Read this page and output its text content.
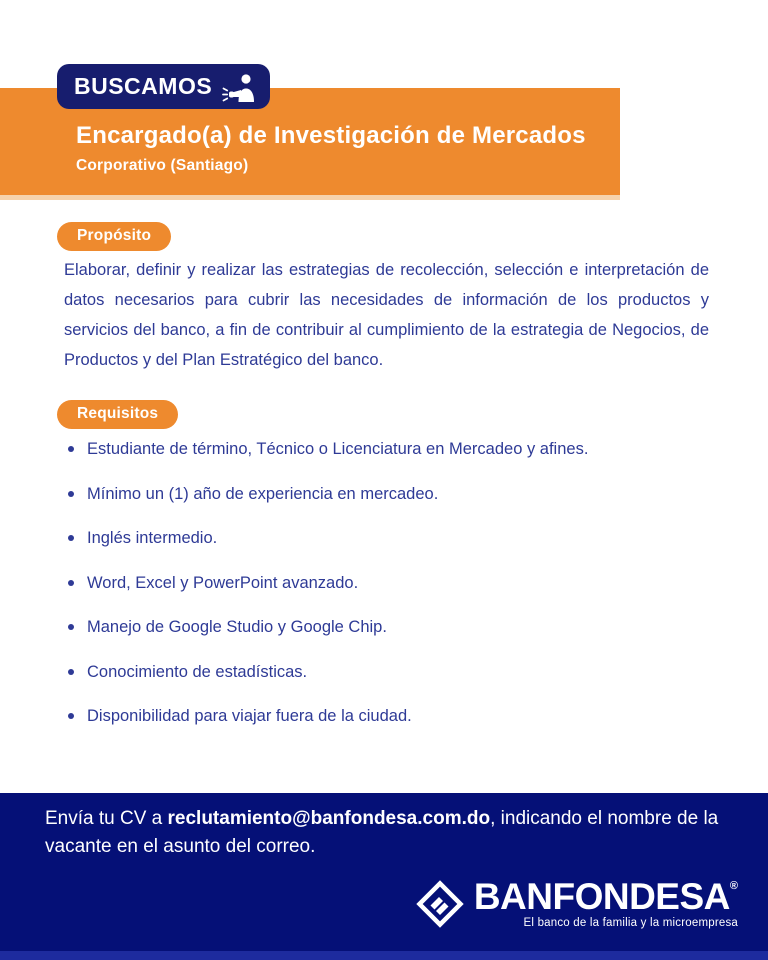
Encargado(a) de Investigación de Mercados
Corporativo (Santiago)
BUSCAMOS
Propósito

Elaborar, definir y realizar las estrategias de recolección, selección e interpretación de datos necesarios para cubrir las necesidades de información de los productos y servicios del banco, a fin de contribuir al cumplimiento de la estrategia de Negocios, de Productos y del Plan Estratégico del banco.

Requisitos
Estudiante de término, Técnico o Licenciatura en Mercadeo y afines.
Mínimo un (1) año de experiencia en mercadeo.
Inglés intermedio.
Word, Excel y PowerPoint avanzado.
Manejo de Google Studio y Google Chip.
Conocimiento de estadísticas.
Disponibilidad para viajar fuera de la ciudad.

Envía tu CV a reclutamiento@banfondesa.com.do, indicando el nombre de la vacante en el asunto del correo.

BANFONDESA ®
El banco de la familia y la microempresa
